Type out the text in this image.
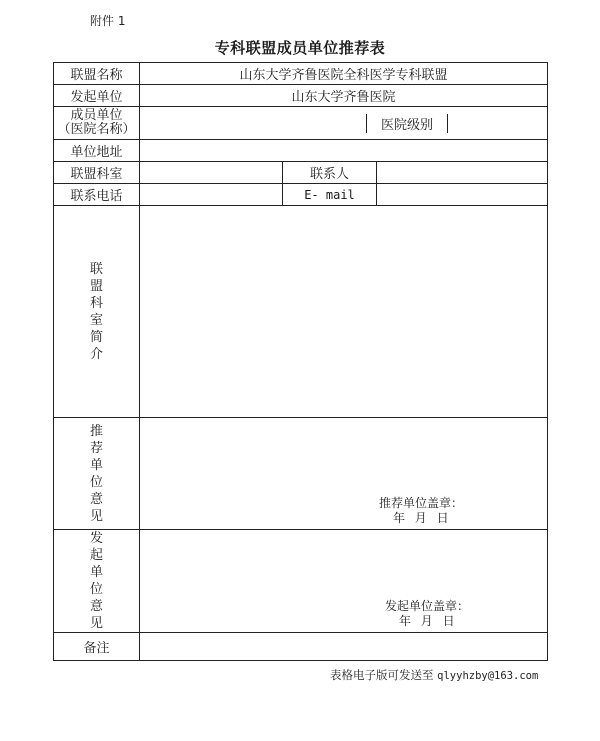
附件 1
专科联盟成员单位推荐表
联盟名称	山东大学齐鲁医院全科医学专科联盟		
发起单位	山东大学齐鲁医院		

成员单位
（医院名称）	医院级别		

单位地址			
联盟科室		联系人	
联系电话		E- mail	

联盟科室简介			

推荐单位意见	推荐单位盖章：
年 月 日		

发起单位意见	发起单位盖章：
年 月 日		

备注			
表格电子版可发送至 qlyyhzby@163.com
